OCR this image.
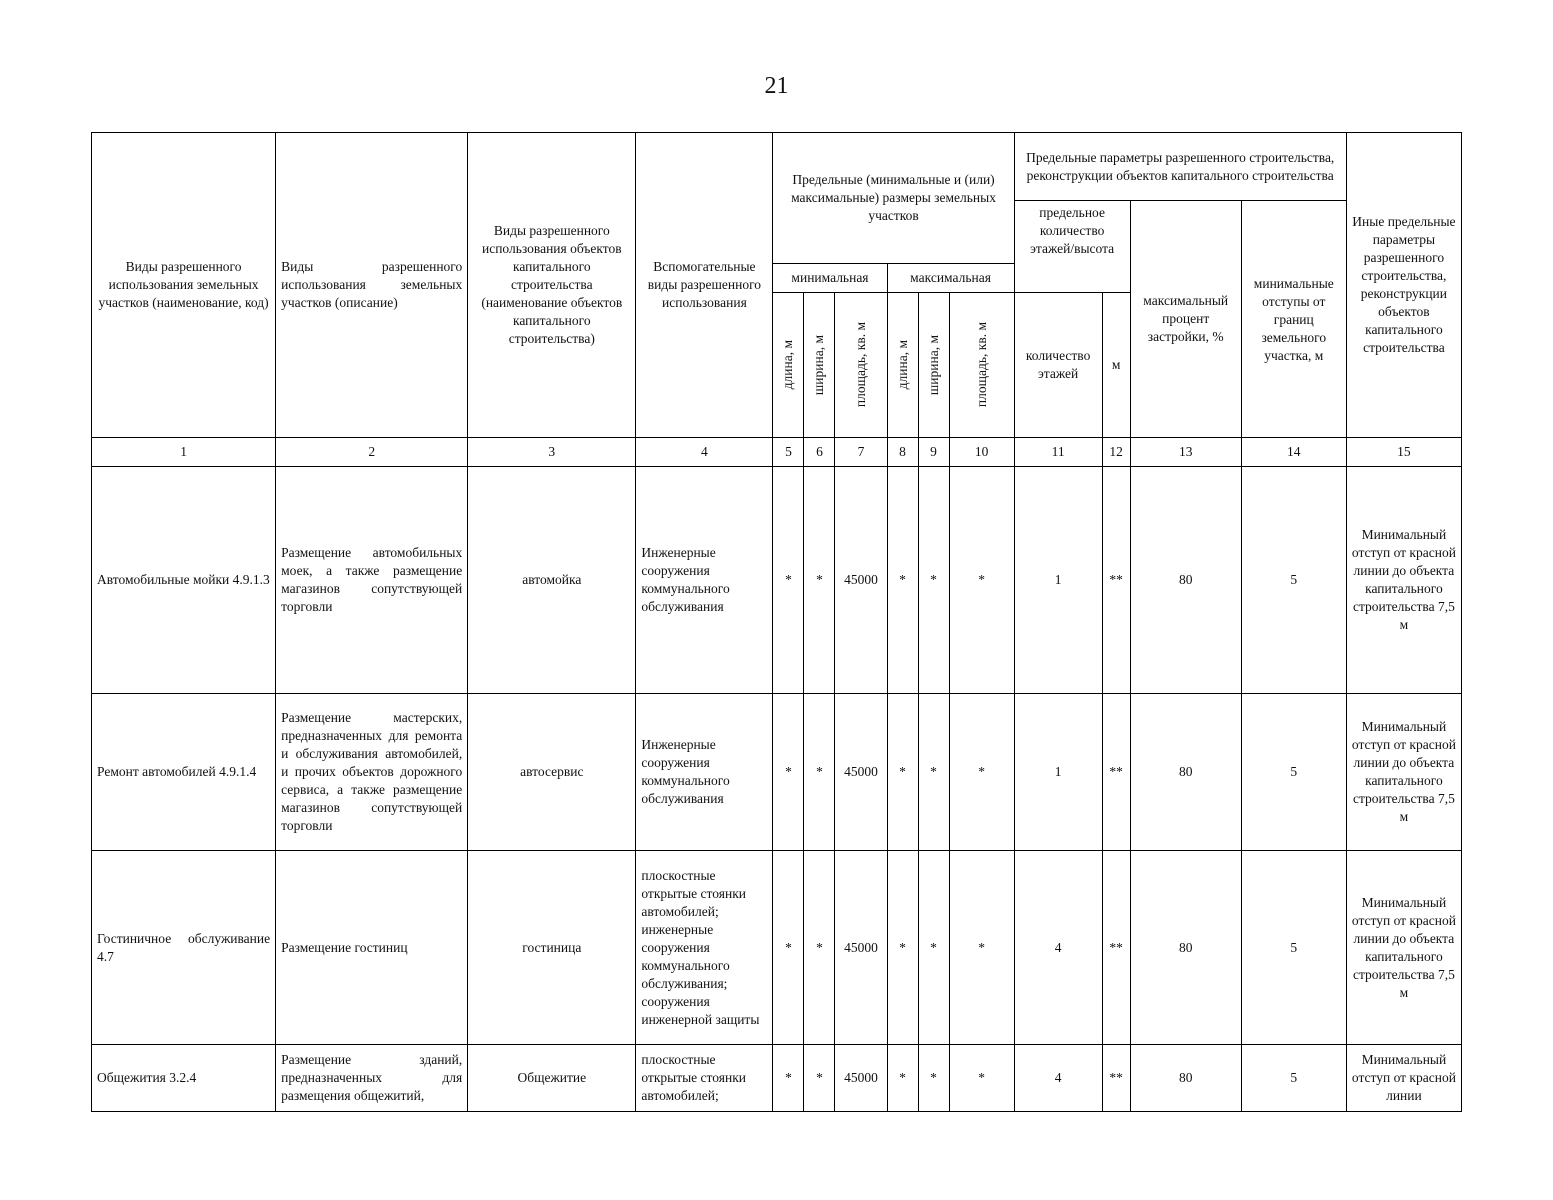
21
Виды разрешенного использования земельных участков (наименование, код)	Виды разрешенного использования земельных участков (описание)	Виды разрешенного использования объектов капитального строительства (наименование объектов капитального строительства)	Вспомогательные виды разрешенного использования	Предельные (минимальные и (или) максимальные) размеры земельных участков						Предельные параметры разрешенного строительства, реконструкции объектов капитального строительства				Иные предельные параметры разрешенного строительства, реконструкции объектов капитального строительства
										предельное количество этажей/высота		максимальный процент застройки, %	минимальные отступы от границ земельного участка, м	
				минимальная			максимальная							

				длина, м	ширина, м	площадь, кв. м	длина, м	ширина, м	площадь, кв. м	количество этажей	м			
1	2	3	4	5	6	7	8	9	10	11	12	13	14	15
Автомобильные мойки 4.9.1.3	Размещение автомобильных моек, а также размещение магазинов сопутствующей торговли	автомойка	Инженерные сооружения коммунального обслуживания	*	*	45000	*	*	*	1	**	80	5	Минимальный отступ от красной линии до объекта капитального строительства 7,5 м
Ремонт автомобилей 4.9.1.4	Размещение мастерских, предназначенных для ремонта и обслуживания автомобилей, и прочих объектов дорожного сервиса, а также размещение магазинов сопутствующей торговли	автосервис	Инженерные сооружения коммунального обслуживания	*	*	45000	*	*	*	1	**	80	5	Минимальный отступ от красной линии до объекта капитального строительства 7,5 м
Гостиничное обслуживание 4.7	Размещение гостиниц	гостиница	плоскостные открытые стоянки автомобилей; инженерные сооружения коммунального обслуживания; сооружения инженерной защиты	*	*	45000	*	*	*	4	**	80	5	Минимальный отступ от красной линии до объекта капитального строительства 7,5 м
Общежития 3.2.4	Размещение зданий, предназначенных для размещения общежитий,	Общежитие	плоскостные открытые стоянки автомобилей;	*	*	45000	*	*	*	4	**	80	5	Минимальный отступ от красной линии
